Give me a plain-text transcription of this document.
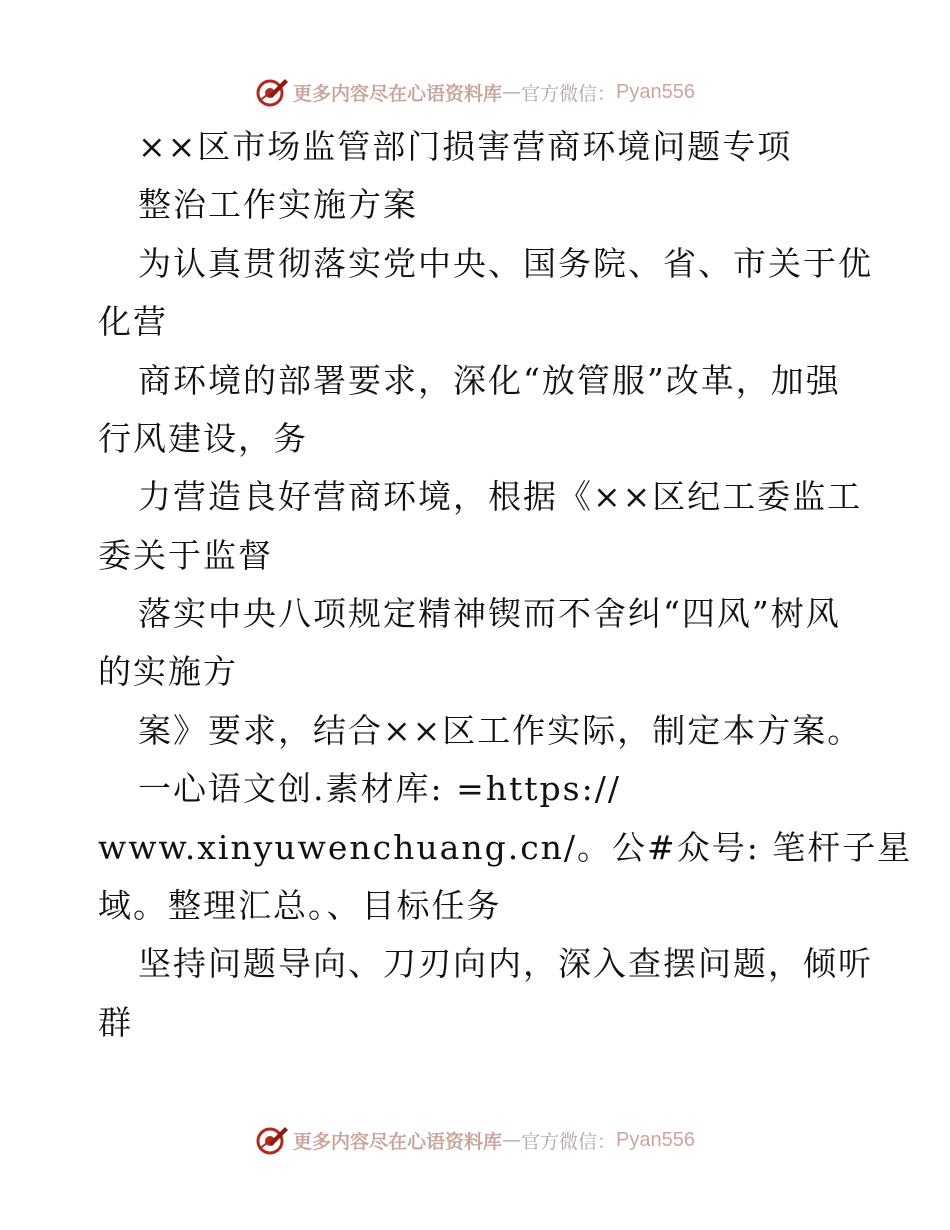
更多内容尽在心语资料库 — 官方微信： Pyan556
××区市场监管部门损害营商环境问题专项
整治工作实施方案
为认真贯彻落实党中央、国务院、省、市关于优
化营
商环境的部署要求，深化“放管服”改革，加强
行风建设，务
力营造良好营商环境，根据《××区纪工委监工
委关于监督
落实中央八项规定精神锲而不舍纠“四风”树风
的实施方
案》要求，结合××区工作实际，制定本方案。
一心语文创.素材库: =https://
www.xinyuwenchuang.cn/。公#众号: 笔杆子星
域。整理汇总。、目标任务
坚持问题导向、刀刃向内，深入查摆问题，倾听
群
更多内容尽在心语资料库 — 官方微信： Pyan556
